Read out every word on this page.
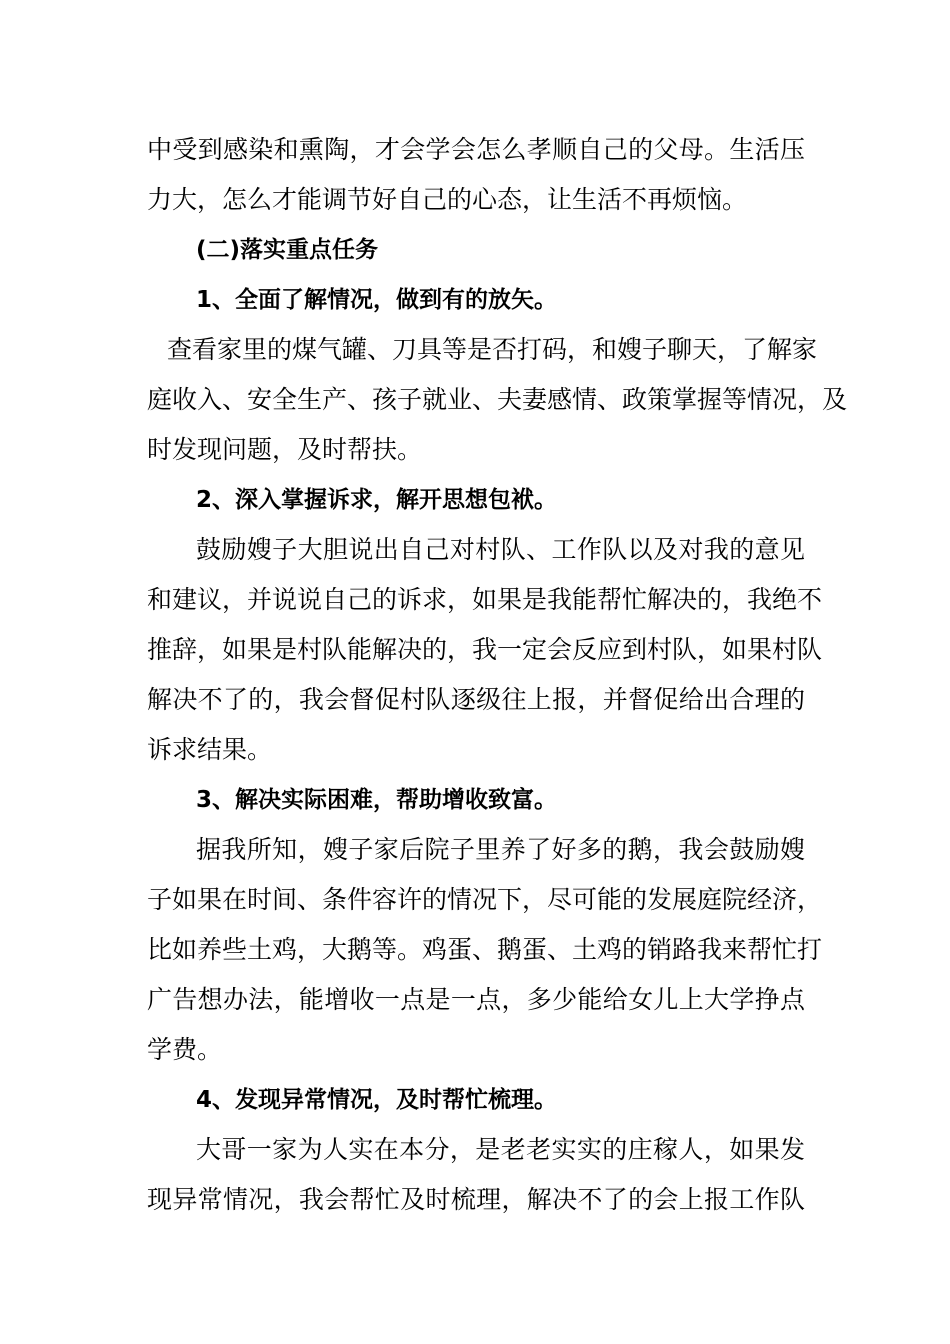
中受到感染和熏陶，才会学会怎么孝顺自己的父母。生活压
力大，怎么才能调节好自己的心态，让生活不再烦恼。
(二)落实重点任务
1、全面了解情况，做到有的放矢。
查看家里的煤气罐、刀具等是否打码，和嫂子聊天，了解家
庭收入、安全生产、孩子就业、夫妻感情、政策掌握等情况，及
时发现问题，及时帮扶。
2、深入掌握诉求，解开思想包袱。
鼓励嫂子大胆说出自己对村队、工作队以及对我的意见
和建议，并说说自己的诉求，如果是我能帮忙解决的，我绝不
推辞，如果是村队能解决的，我一定会反应到村队，如果村队
解决不了的，我会督促村队逐级往上报，并督促给出合理的
诉求结果。
3、解决实际困难，帮助增收致富。
据我所知，嫂子家后院子里养了好多的鹅，我会鼓励嫂
子如果在时间、条件容许的情况下，尽可能的发展庭院经济，
比如养些土鸡，大鹅等。鸡蛋、鹅蛋、土鸡的销路我来帮忙打
广告想办法，能增收一点是一点，多少能给女儿上大学挣点
学费。
4、发现异常情况，及时帮忙梳理。
大哥一家为人实在本分，是老老实实的庄稼人，如果发
现异常情况，我会帮忙及时梳理，解决不了的会上报工作队
